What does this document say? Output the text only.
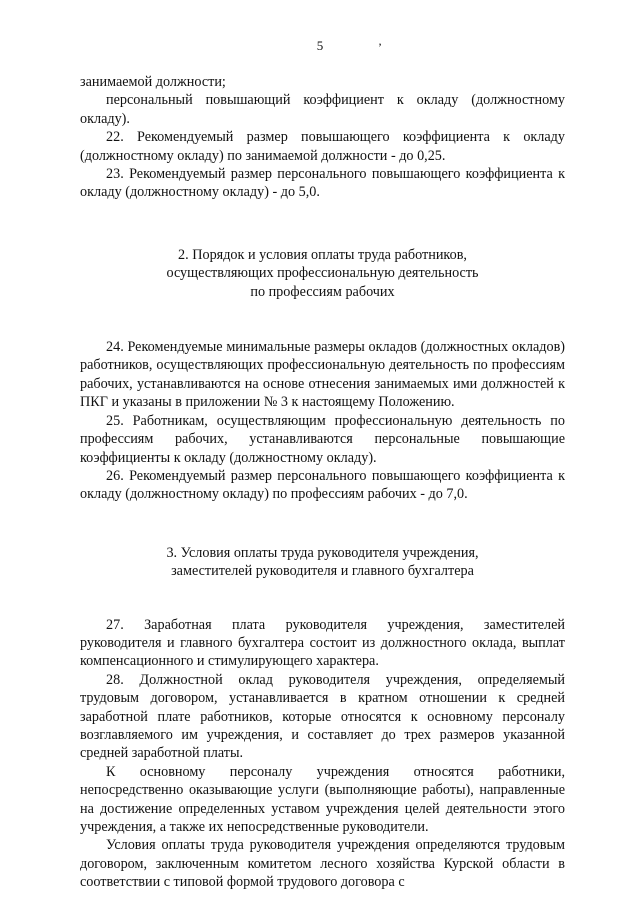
5	’

занимаемой должности;

персональный повышающий коэффициент к окладу (должностному окладу).

22. Рекомендуемый размер повышающего коэффициента к окладу (должностному окладу) по занимаемой должности - до 0,25.

23. Рекомендуемый размер персонального повышающего коэффициента к окладу (должностному окладу) - до 5,0.

2. Порядок и условия оплаты труда работников,
осуществляющих профессиональную деятельность
по профессиям рабочих

24. Рекомендуемые минимальные размеры окладов (должностных окладов) работников, осуществляющих профессиональную деятельность по профессиям рабочих, устанавливаются на основе отнесения занимаемых ими должностей к ПКГ и указаны в приложении № 3 к настоящему Положению.

25. Работникам, осуществляющим профессиональную деятельность по профессиям рабочих, устанавливаются персональные повышающие коэффициенты к окладу (должностному окладу).

26. Рекомендуемый размер персонального повышающего коэффициента к окладу (должностному окладу) по профессиям рабочих - до 7,0.

3. Условия оплаты труда руководителя учреждения,
заместителей руководителя и главного бухгалтера

27. Заработная плата руководителя учреждения, заместителей руководителя и главного бухгалтера состоит из должностного оклада, выплат компенсационного и стимулирующего характера.

28. Должностной оклад руководителя учреждения, определяемый трудовым договором, устанавливается в кратном отношении к средней заработной плате работников, которые относятся к основному персоналу возглавляемого им учреждения, и составляет до трех размеров указанной средней заработной платы.

К основному персоналу учреждения относятся работники, непосредственно оказывающие услуги (выполняющие работы), направленные на достижение определенных уставом учреждения целей деятельности этого учреждения, а также их непосредственные руководители.

Условия оплаты труда руководителя учреждения определяются трудовым договором, заключенным комитетом лесного хозяйства Курской области в соответствии с типовой формой трудового договора с
